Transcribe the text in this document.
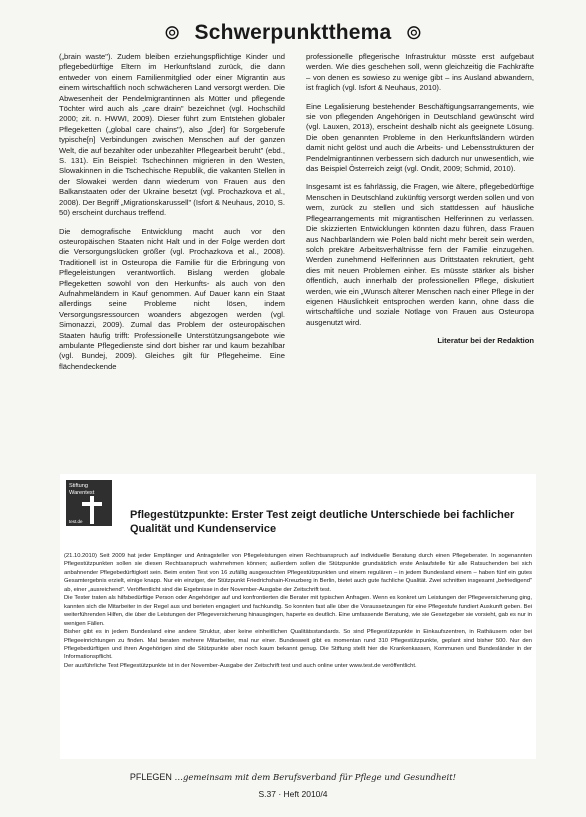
⊚ Schwerpunktthema ⊚

(„brain waste"). Zudem bleiben erziehungspflichtige Kinder und pflegebedürftige Eltern im Herkunftsland zurück, die dann entweder von einem Familienmitglied oder einer Migrantin aus einem wirtschaftlich noch schwächeren Land versorgt werden. Die Abwesenheit der Pendelmigrantinnen als Mütter und pflegende Töchter wird auch als „care drain" bezeichnet (vgl. Hochschild 2000; zit. n. HWWI, 2009). Dieser führt zum Entstehen globaler Pflegeketten („global care chains"), also „[der] für Sorgeberufe typische[n] Verbindungen zwischen Menschen auf der ganzen Welt, die auf bezahlter oder unbezahlter Pflegearbeit beruht" (ebd., S. 131). Ein Beispiel: Tschechinnen migrieren in den Westen, Slowakinnen in die Tschechische Republik, die vakanten Stellen in der Slowakei werden dann wiederum von Frauen aus den Balkanstaaten oder der Ukraine besetzt (vgl. Prochazkova et al., 2008). Der Begriff „Migrationskarussell" (Isfort & Neuhaus, 2010, S. 50) erscheint durchaus treffend.

Die demografische Entwicklung macht auch vor den osteuropäischen Staaten nicht Halt und in der Folge werden dort die Versorgungslücken größer (vgl. Prochazkova et al., 2008). Traditionell ist in Osteuropa die Familie für die Erbringung von Pflegeleistungen verantwortlich. Bislang werden globale Pflegeketten sowohl von den Herkunfts- als auch von den Aufnahmeländern in Kauf genommen. Auf Dauer kann ein Staat allerdings seine Probleme nicht lösen, indem Versorgungsressourcen woanders abgezogen werden (vgl. Simonazzi, 2009). Zumal das Problem der osteuropäischen Staaten häufig trifft: Professionelle Unterstützungsangebote wie ambulante Pflegedienste sind dort bisher rar und kaum bezahlbar (vgl. Bundej, 2009). Gleiches gilt für Pflegeheime. Eine flächendeckende

professionelle pflegerische Infrastruktur müsste erst aufgebaut werden. Wie dies geschehen soll, wenn gleichzeitig die Fachkräfte – von denen es sowieso zu wenige gibt – ins Ausland abwandern, ist fraglich (vgl. Isfort & Neuhaus, 2010).

Eine Legalisierung bestehender Beschäftigungsarrangements, wie sie von pflegenden Angehörigen in Deutschland gewünscht wird (vgl. Lauxen, 2013), erscheint deshalb nicht als geeignete Lösung. Die oben genannten Probleme in den Herkunftsländern würden damit nicht gelöst und auch die Arbeits- und Lebensstrukturen der Pendelmigrantinnen verbessern sich dadurch nur unwesentlich, wie das Beispiel Österreich zeigt (vgl. Ondit, 2009; Schmid, 2010).

Insgesamt ist es fahrlässig, die Fragen, wie ältere, pflegebedürftige Menschen in Deutschland zukünftig versorgt werden sollen und von wem, zurück zu stellen und sich stattdessen auf häusliche Pflegearrangements mit migrantischen Helferinnen zu verlassen. Die skizzierten Entwicklungen könnten dazu führen, dass Frauen aus Nachbarländern wie Polen bald nicht mehr bereit sein werden, solch prekäre Arbeitsverhältnisse fern der Familie einzugehen. Werden zunehmend Helferinnen aus Drittstaaten rekrutiert, geht dies mit neuen Problemen einher. Es müsste stärker als bisher öffentlich, auch innerhalb der professionellen Pflege, diskutiert werden, wie ein „Wunsch älterer Menschen nach einer Pflege in der eigenen Häuslichkeit entsprochen werden kann, ohne dass die wirtschaftliche und soziale Notlage von Frauen aus Osteuropa ausgenutzt wird.

Literatur bei der Redaktion
Stiftung
Warentest
test.de
Pflegestützpunkte: Erster Test zeigt deutliche Unterschiede bei fachlicher Qualität und Kundenservice

(21.10.2010) Seit 2009 hat jeder Empfänger und Antragsteller von Pflegeleistungen einen Rechtsanspruch auf individuelle Beratung durch einen Pflegeberater. In sogenannten Pflegestützpunkten sollen sie diesen Rechtsanspruch wahrnehmen können; außerdem sollen die Stützpunkte grundsätzlich erste Anlaufstelle für alle Ratsuchenden bei sich anbahnender Pflegebedürftigkeit sein. Beim ersten Test von 16 zufällig ausgesuchten Pflegestützpunkten und einem regulären – in jedem Bundesland einem – haben fünf ein gutes Gesamtergebnis erzielt, einige knapp. Nur ein einziger, der Stützpunkt Friedrichshain-Kreuzberg in Berlin, bietet auch gute fachliche Qualität. Zwei schnitten insgesamt „befriedigend" ab, einer „ausreichend". Veröffentlicht sind die Ergebnisse in der November-Ausgabe der Zeitschrift test.

Die Tester traten als hilfsbedürftige Person oder Angehöriger auf und konfrontierten die Berater mit typischen Anfragen. Wenn es konkret um Leistungen der Pflegeversicherung ging, kannten sich die Mitarbeiter in der Regel aus und berieten engagiert und fachkundig. So konnten fast alle über die Voraussetzungen für eine Pflegestufe fundiert Auskunft geben. Bei weiterführenden Hilfen, die über die Leistungen der Pflegeversicherung hinausgingen, haperte es deutlich. Eine umfassende Beratung, wie sie Gesetzgeber sie vorsieht, gab es nur in wenigen Fällen.

Bisher gibt es in jedem Bundesland eine andere Struktur, aber keine einheitlichen Qualitätsstandards. So sind Pflegestützpunkte in Einkaufszentren, in Rathäusern oder bei Pflegeeinrichtungen zu finden. Mal beraten mehrere Mitarbeiter, mal nur einer. Bundesweit gibt es momentan rund 310 Pflegestützpunkte, geplant sind bisher 500. Nur den Pflegebedürftigen und ihren Angehörigen sind die Stützpunkte aber noch kaum bekannt genug. Die Stiftung stellt hier die Krankenkassen, Kommunen und Bundesländer in der Informationspflicht.

Der ausführliche Test Pflegestützpunkte ist in der November-Ausgabe der Zeitschrift test und auch online unter www.test.de veröffentlicht.

PFLEGEN …gemeinsam mit dem Berufsverband für Pflege und Gesundheit!
S.37 · Heft 2010/4
